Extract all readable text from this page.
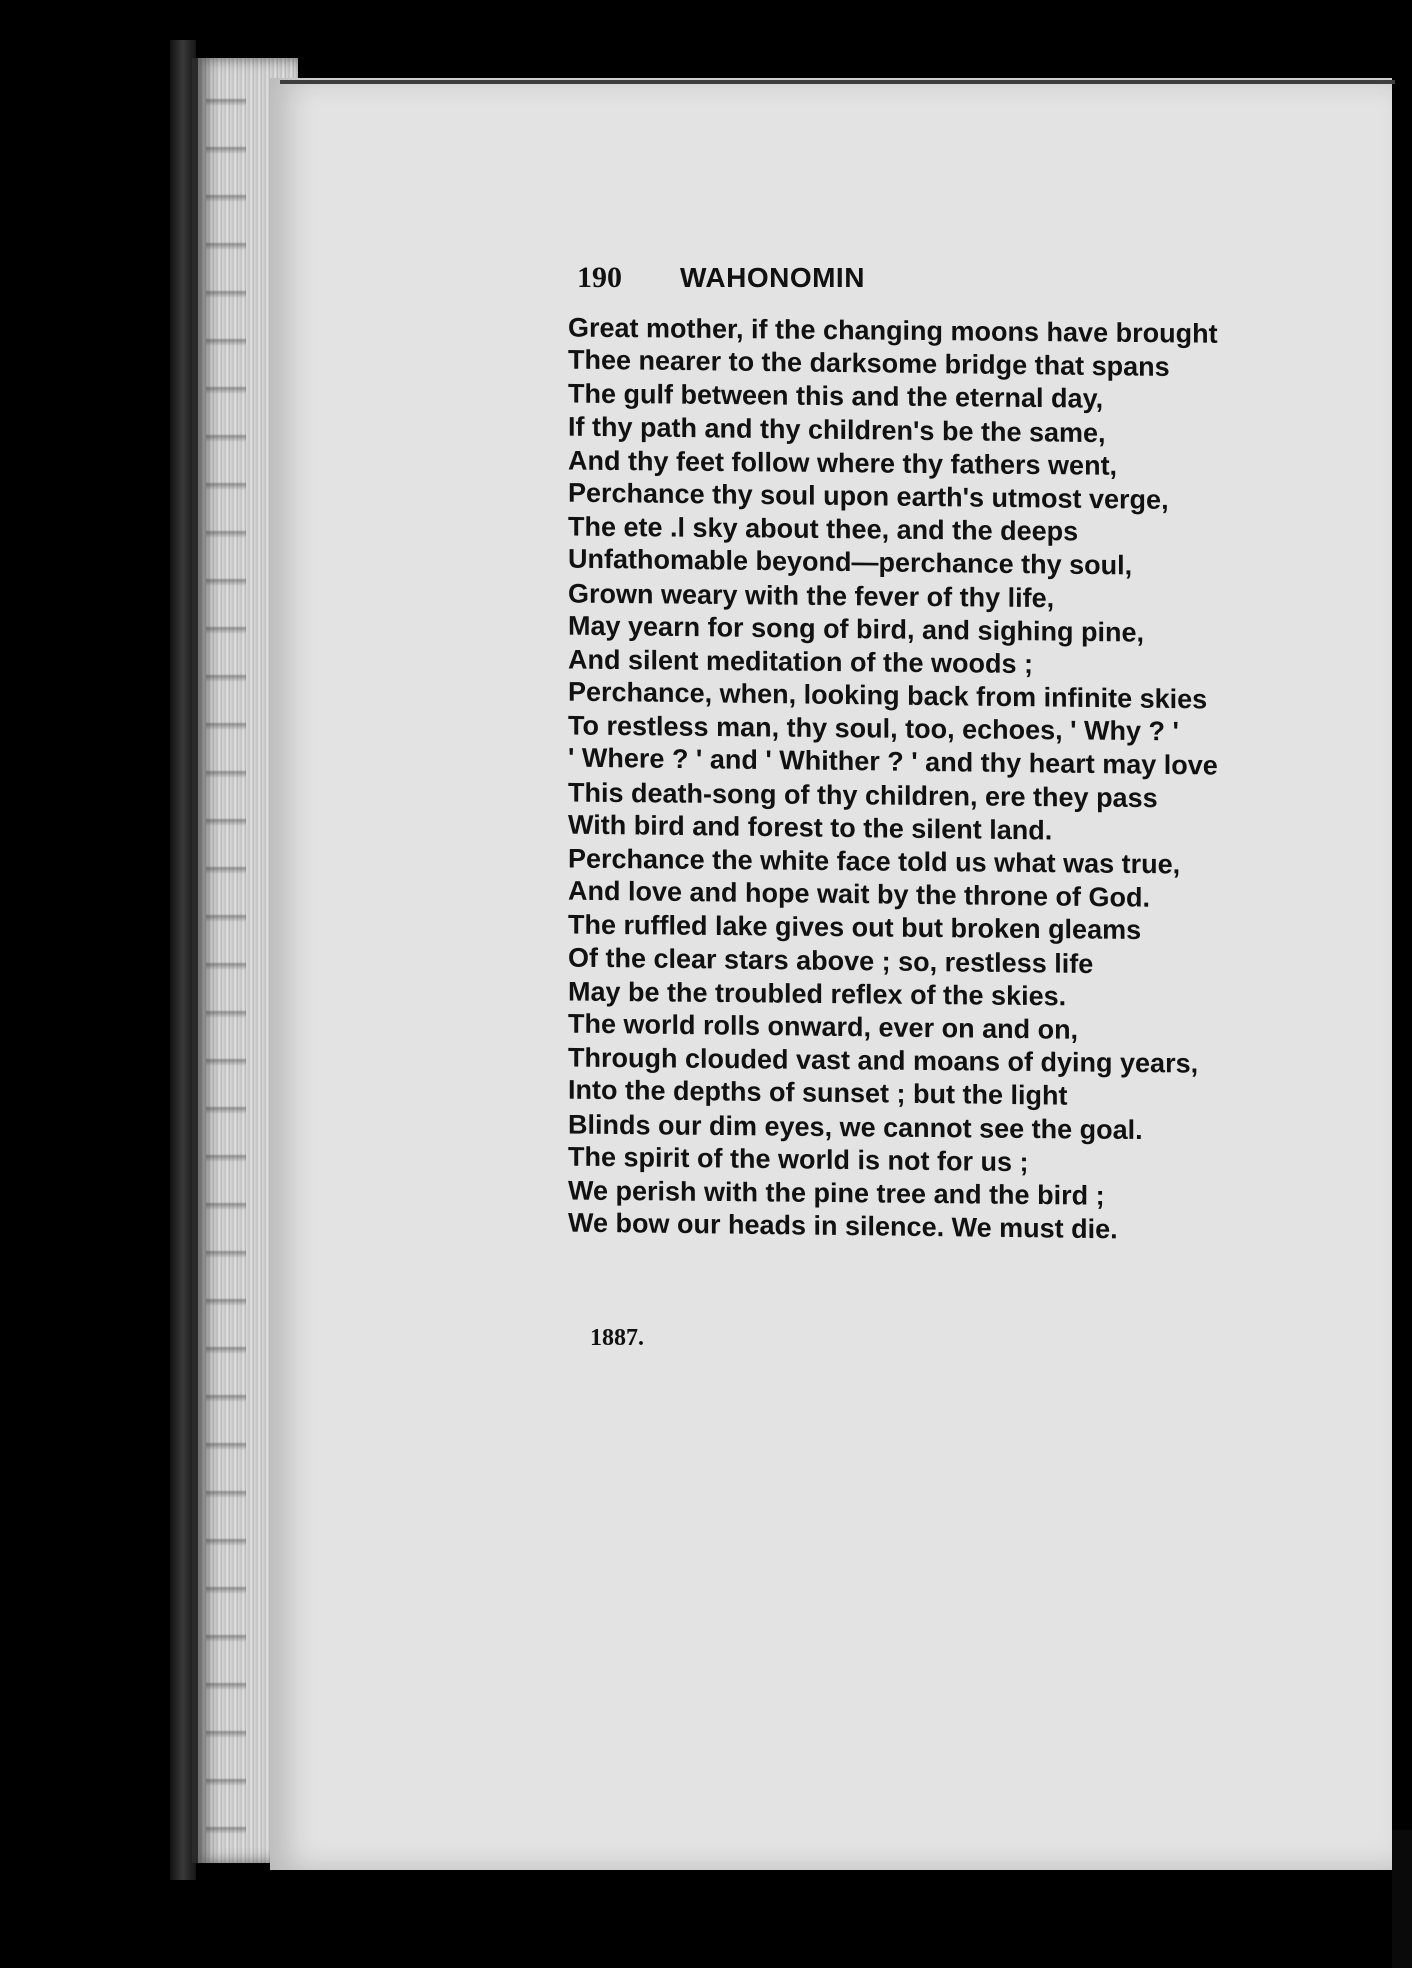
190 WAHONOMIN
Great mother, if the changing moons have brought
Thee nearer to the darksome bridge that spans
The gulf between this and the eternal day,
If thy path and thy children's be the same,
And thy feet follow where thy fathers went,
Perchance thy soul upon earth's utmost verge,
The ete .l sky about thee, and the deeps
Unfathomable beyond—perchance thy soul,
Grown weary with the fever of thy life,
May yearn for song of bird, and sighing pine,
And silent meditation of the woods ;
Perchance, when, looking back from infinite skies
To restless man, thy soul, too, echoes, ' Why ? '
' Where ? ' and ' Whither ? ' and thy heart may love
This death-song of thy children, ere they pass
With bird and forest to the silent land.
Perchance the white face told us what was true,
And love and hope wait by the throne of God.
The ruffled lake gives out but broken gleams
Of the clear stars above ; so, restless life
May be the troubled reflex of the skies.
The world rolls onward, ever on and on,
Through clouded vast and moans of dying years,
Into the depths of sunset ; but the light
Blinds our dim eyes, we cannot see the goal.
The spirit of the world is not for us ;
We perish with the pine tree and the bird ;
We bow our heads in silence. We must die.
1887.
